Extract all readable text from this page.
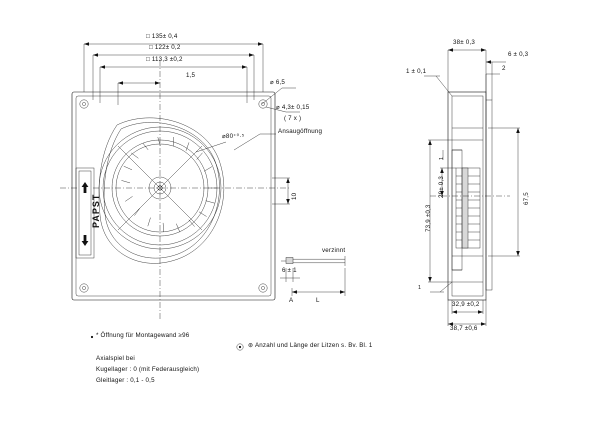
□ 135± 0,4
□ 122± 0,2
□ 113,3 ±0,2
1,5
⌀ 6,5
⌀ 4,3± 0,15
( 7 x )
⌀80⁺⁰·⁵
Ansaugöffnung
10
6 ± 1
verzinnt
A	L
PAPST
38± 0,3
6 ± 0,3
2
1 ± 0,1
67,5
73,9 ±0,3
29± 0,3
1
1
32,9 ±0,2
38,7 ±0,6
* Öffnung für Montagewand ≥96
Axialspiel bei
Kugellager : 0 (mit Federausgleich)
Gleitlager : 0,1 - 0,5
⊛ Anzahl und Länge der Litzen s. Bv. Bl. 1
